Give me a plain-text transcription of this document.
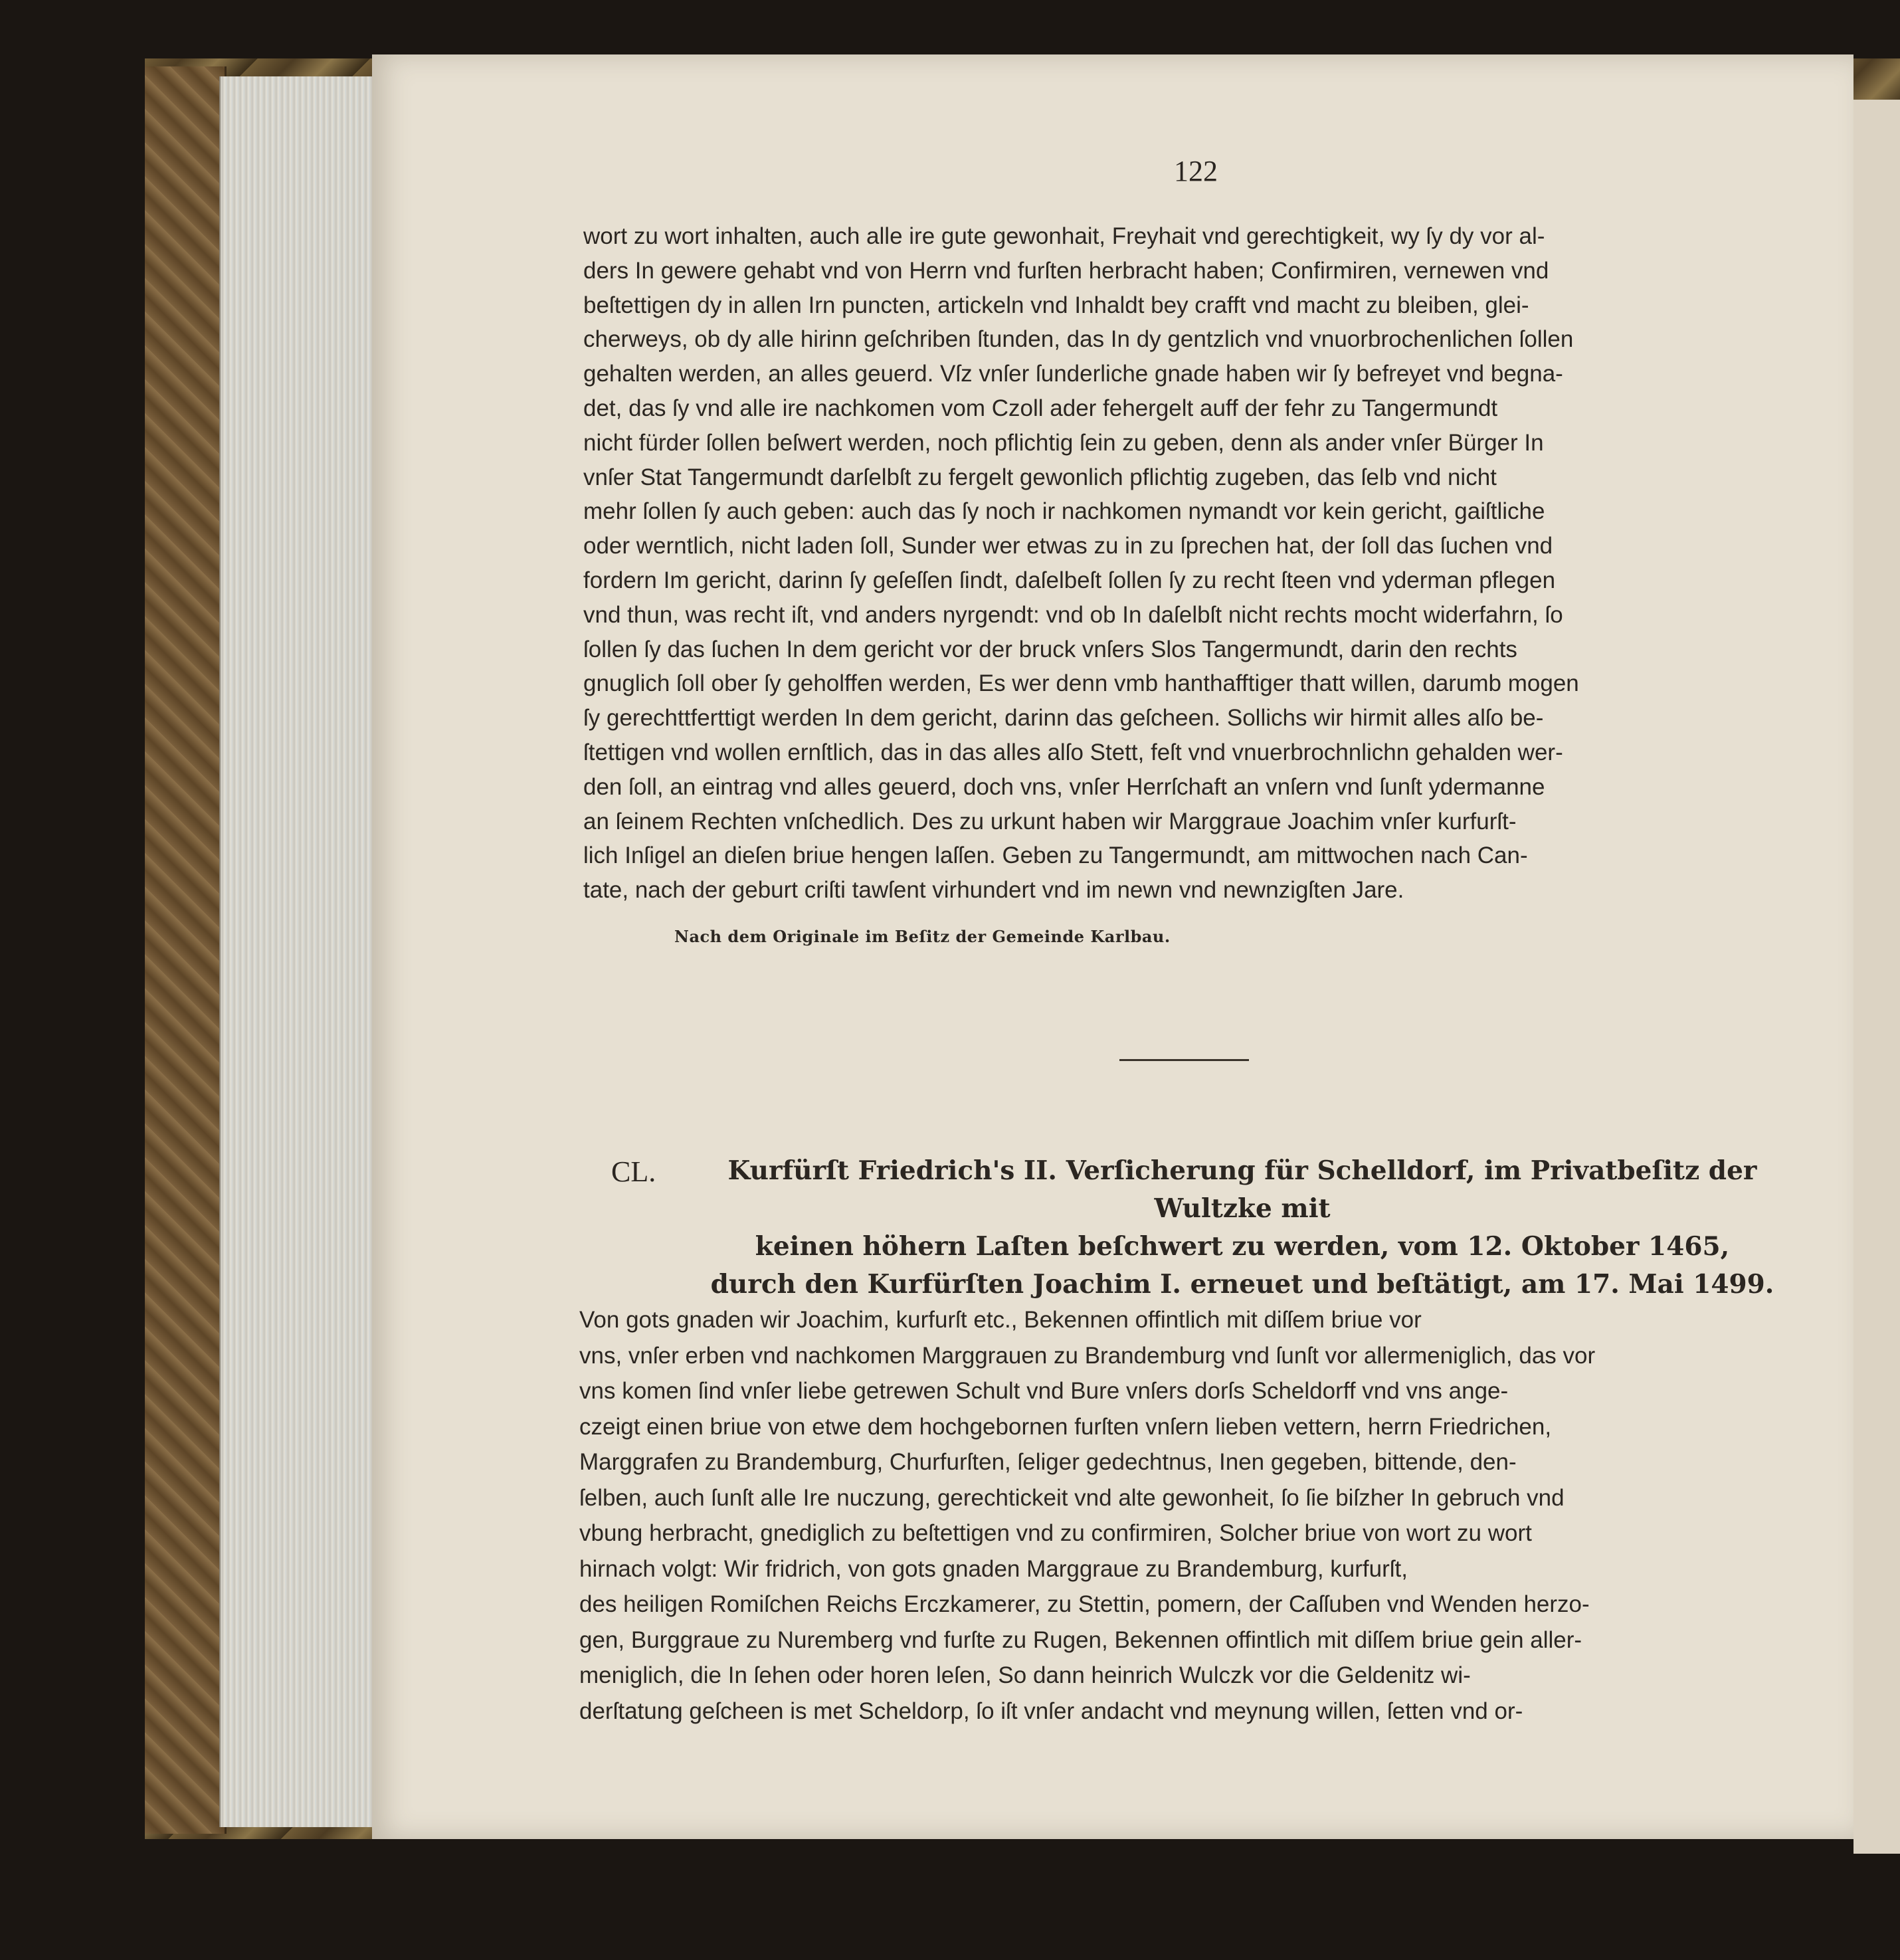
122

wort zu wort inhalten, auch alle ire gute gewonhait, Freyhait vnd gerechtigkeit, wy ſy dy vor al-
ders In gewere gehabt vnd von Herrn vnd furſten herbracht haben; Confirmiren, vernewen vnd
beſtettigen dy in allen Irn puncten, artickeln vnd Inhaldt bey crafft vnd macht zu bleiben, glei-
cherweys, ob dy alle hirinn geſchriben ſtunden, das In dy gentzlich vnd vnuorbrochenlichen ſollen
gehalten werden, an alles geuerd. Vſz vnſer ſunderliche gnade haben wir ſy befreyet vnd begna-
det, das ſy vnd alle ire nachkomen vom Czoll ader fehergelt auff der fehr zu Tangermundt
nicht fürder ſollen beſwert werden, noch pflichtig ſein zu geben, denn als ander vnſer Bürger In
vnſer Stat Tangermundt darſelbſt zu fergelt gewonlich pflichtig zugeben, das ſelb vnd nicht
mehr ſollen ſy auch geben: auch das ſy noch ir nachkomen nymandt vor kein gericht, gaiſtliche
oder werntlich, nicht laden ſoll, Sunder wer etwas zu in zu ſprechen hat, der ſoll das ſuchen vnd
fordern Im gericht, darinn ſy geſeſſen ſindt, daſelbeſt ſollen ſy zu recht ſteen vnd yderman pflegen
vnd thun, was recht iſt, vnd anders nyrgendt: vnd ob In daſelbſt nicht rechts mocht widerfahrn, ſo
ſollen ſy das ſuchen In dem gericht vor der bruck vnſers Slos Tangermundt, darin den rechts
gnuglich ſoll ober ſy geholffen werden, Es wer denn vmb hanthafftiger thatt willen, darumb mogen
ſy gerechttferttigt werden In dem gericht, darinn das geſcheen. Sollichs wir hirmit alles alſo be-
ſtettigen vnd wollen ernſtlich, das in das alles alſo Stett, feſt vnd vnuerbrochnlichn gehalden wer-
den ſoll, an eintrag vnd alles geuerd, doch vns, vnſer Herrſchaft an vnſern vnd ſunſt ydermanne
an ſeinem Rechten vnſchedlich. Des zu urkunt haben wir Marggraue Joachim vnſer kurfurſt-
lich Inſigel an dieſen briue hengen laſſen. Geben zu Tangermundt, am mittwochen nach Can-
tate, nach der geburt criſti tawſent virhundert vnd im newn vnd newnzigſten Jare.

Nach dem Originale im Beſitz der Gemeinde Karlbau.
CL.	Kurfürſt Friedrich's II. Verſicherung für Schelldorf, im Privatbeſitz der Wultzke mit
keinen höhern Laſten beſchwert zu werden, vom 12. Oktober 1465,
durch den Kurfürſten Joachim I. erneuet und beſtätigt, am 17. Mai 1499.

Von gots gnaden wir Joachim, kurfurſt etc., Bekennen offintlich mit diſſem briue vor
vns, vnſer erben vnd nachkomen Marggrauen zu Brandemburg vnd ſunſt vor allermeniglich, das vor
vns komen ſind vnſer liebe getrewen Schult vnd Bure vnſers dorſs Scheldorff vnd vns ange-
czeigt einen briue von etwe dem hochgebornen furſten vnſern lieben vettern, herrn Friedrichen,
Marggrafen zu Brandemburg, Churfurſten, ſeliger gedechtnus, Inen gegeben, bittende, den-
ſelben, auch ſunſt alle Ire nuczung, gerechtickeit vnd alte gewonheit, ſo ſie biſzher In gebruch vnd
vbung herbracht, gnediglich zu beſtettigen vnd zu confirmiren, Solcher briue von wort zu wort
hirnach volgt: Wir fridrich, von gots gnaden Marggraue zu Brandemburg, kurfurſt,
des heiligen Romiſchen Reichs Erczkamerer, zu Stettin, pomern, der Caſſuben vnd Wenden herzo-
gen, Burggraue zu Nuremberg vnd furſte zu Rugen, Bekennen offintlich mit diſſem briue gein aller-
meniglich, die In ſehen oder horen leſen, So dann heinrich Wulczk vor die Geldenitz wi-
derſtatung geſcheen is met Scheldorp, ſo iſt vnſer andacht vnd meynung willen, ſetten vnd or-
